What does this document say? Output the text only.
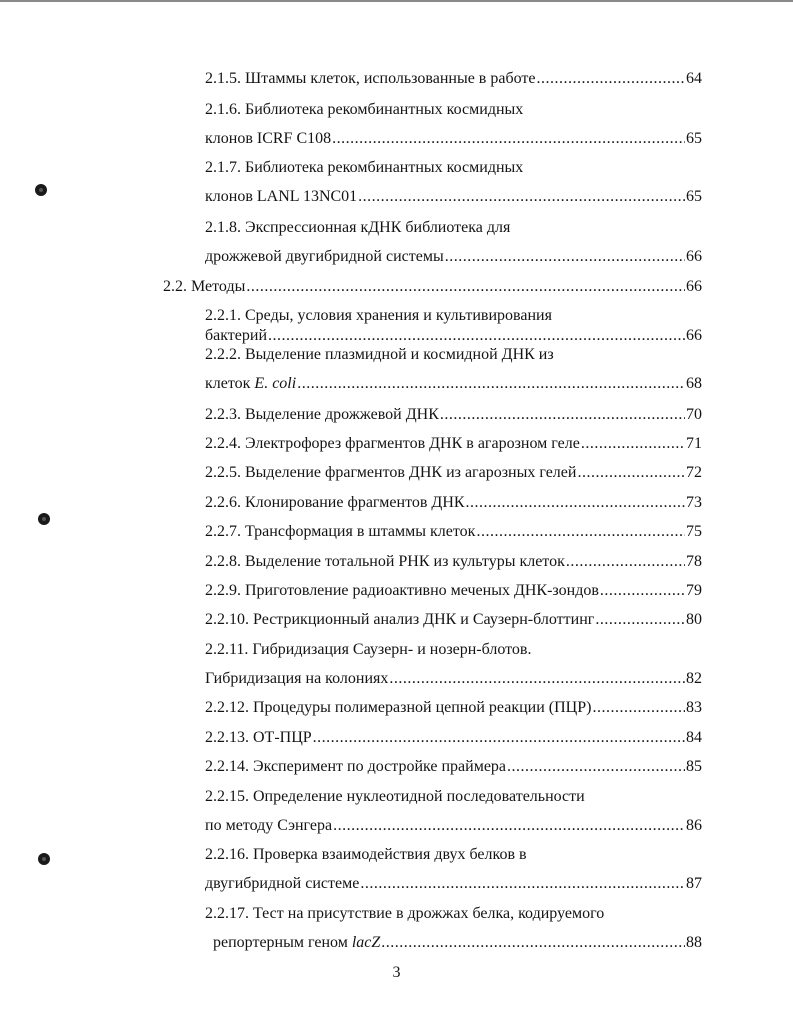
2.1.5. Штаммы клеток, использованные в работе .....	64
2.1.6. Библиотека рекомбинантных космидных
клонов ICRF C108 .....	65
2.1.7. Библиотека рекомбинантных космидных
клонов LANL 13NC01 .....	65
2.1.8. Экспрессионная кДНК библиотека для
дрожжевой двугибридной системы .....	66
2.2. Методы .....	66
2.2.1. Среды, условия хранения и культивирования
бактерий .....	66
2.2.2. Выделение плазмидной и космидной ДНК из
клеток E. coli .....	68
2.2.3. Выделение дрожжевой ДНК .....	70
2.2.4. Электрофорез фрагментов ДНК в агарозном геле .....	71
2.2.5. Выделение фрагментов ДНК из агарозных гелей .....	72
2.2.6. Клонирование фрагментов ДНК .....	73
2.2.7. Трансформация в штаммы клеток .....	75
2.2.8. Выделение тотальной РНК из культуры клеток .....	78
2.2.9. Приготовление радиоактивно меченых ДНК-зондов .....	79
2.2.10. Рестрикционный анализ ДНК и Саузерн-блоттинг .....	80
2.2.11. Гибридизация Саузерн- и нозерн-блотов.
Гибридизация на колониях .....	82
2.2.12. Процедуры полимеразной цепной реакции (ПЦР) .....	83
2.2.13. ОТ-ПЦР .....	84
2.2.14. Эксперимент по достройке праймера .....	85
2.2.15. Определение нуклеотидной последовательности
по методу Сэнгера .....	86
2.2.16. Проверка взаимодействия двух белков в
двугибридной системе .....	87
2.2.17. Тест на присутствие в дрожжах белка, кодируемого
репортерным геном lacZ .....	88
3
